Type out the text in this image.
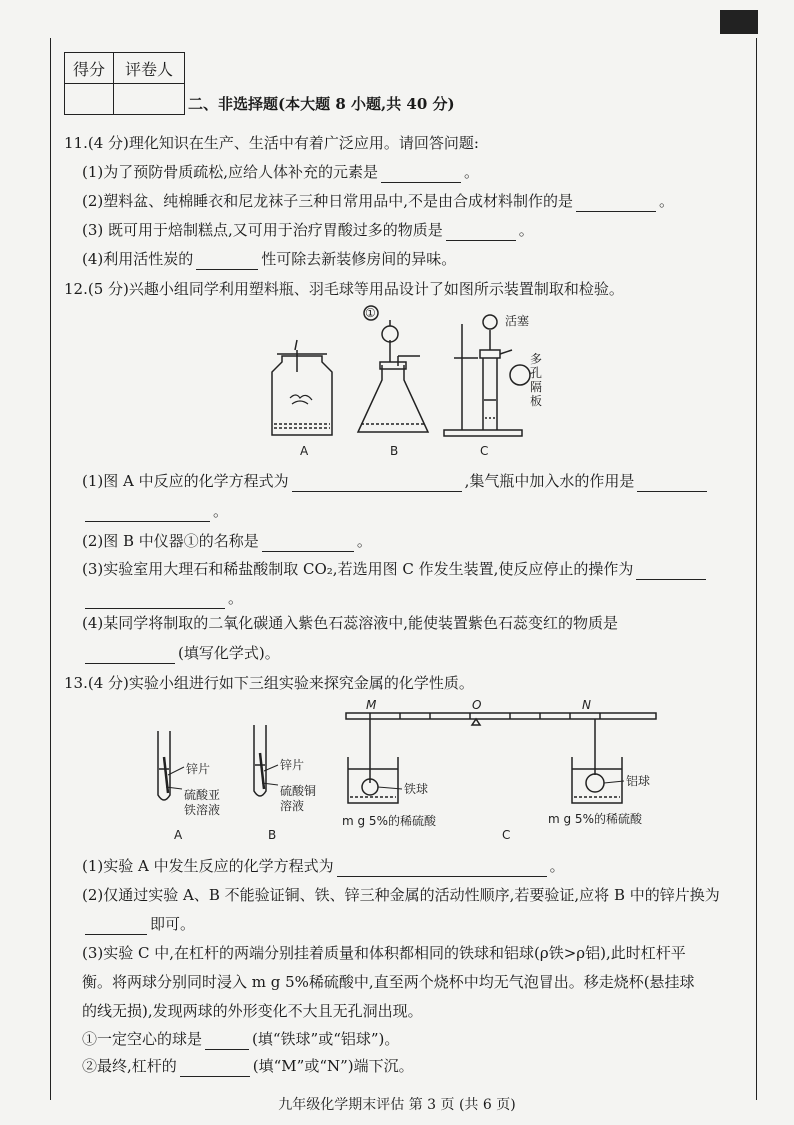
得分	评卷人

二、非选择题(本大题 8 小题,共 40 分)
11.(4 分)理化知识在生产、生活中有着广泛应用。请回答问题:
(1)为了预防骨质疏松,应给人体补充的元素是	。
(2)塑料盆、纯棉睡衣和尼龙袜子三种日常用品中,不是由合成材料制作的是	。
(3) 既可用于焙制糕点,又可用于治疗胃酸过多的物质是	。
(4)利用活性炭的	性可除去新装修房间的异味。
12.(5 分)兴趣小组同学利用塑料瓶、羽毛球等用品设计了如图所示装置制取和检验。
A	B	C
①
活塞
多孔隔板
(1)图 A 中反应的化学方程式为	,集气瓶中加入水的作用是
。
(2)图 B 中仪器①的名称是	。
(3)实验室用大理石和稀盐酸制取 CO₂,若选用图 C 作发生装置,使反应停止的操作为
。
(4)某同学将制取的二氧化碳通入紫色石蕊溶液中,能使装置紫色石蕊变红的物质是
(填写化学式)。
13.(4 分)实验小组进行如下三组实验来探究金属的化学性质。
锌片
硫酸亚
铁溶液
锌片
硫酸铜
溶液
A	B	C
M	O	N
铁球
铝球
m g 5%的稀硫酸	m g 5%的稀硫酸
(1)实验 A 中发生反应的化学方程式为	。
(2)仅通过实验 A、B 不能验证铜、铁、锌三种金属的活动性顺序,若要验证,应将 B 中的锌片换为
即可。
(3)实验 C 中,在杠杆的两端分别挂着质量和体积都相同的铁球和铝球(ρ铁>ρ铝),此时杠杆平
衡。将两球分别同时浸入 m g 5%稀硫酸中,直至两个烧杯中均无气泡冒出。移走烧杯(悬挂球
的线无损),发现两球的外形变化不大且无孔洞出现。
①一定空心的球是	(填“铁球”或“铝球”)。
②最终,杠杆的	(填“M”或“N”)端下沉。
九年级化学期末评估 第 3 页 (共 6 页)
